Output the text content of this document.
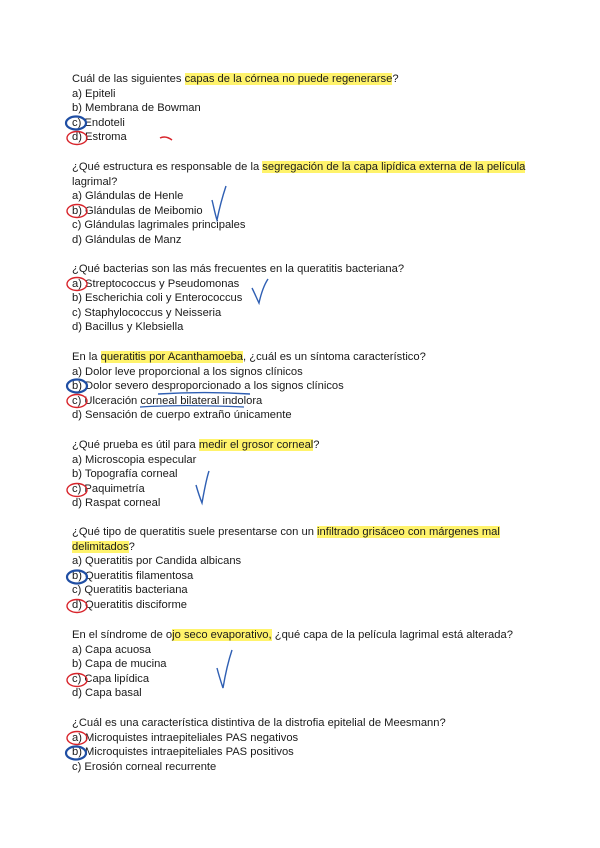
Cuál de las siguientes capas de la córnea no puede regenerarse?
a) Epiteli
b) Membrana de Bowman
c) Endoteli
d) Estroma
¿Qué estructura es responsable de la segregación de la capa lipídica externa de la película lagrimal?
a) Glándulas de Henle
b) Glándulas de Meibomio
c) Glándulas lagrimales principales
d) Glándulas de Manz
¿Qué bacterias son las más frecuentes en la queratitis bacteriana?
a) Streptococcus y Pseudomonas
b) Escherichia coli y Enterococcus
c) Staphylococcus y Neisseria
d) Bacillus y Klebsiella
En la queratitis por Acanthamoeba, ¿cuál es un síntoma característico?
a) Dolor leve proporcional a los signos clínicos
b) Dolor severo desproporcionado a los signos clínicos
c) Ulceración corneal bilateral indolora
d) Sensación de cuerpo extraño únicamente
¿Qué prueba es útil para medir el grosor corneal?
a) Microscopia especular
b) Topografía corneal
c) Paquimetría
d) Raspat corneal
¿Qué tipo de queratitis suele presentarse con un infiltrado grisáceo con márgenes mal delimitados?
a) Queratitis por Candida albicans
b) Queratitis filamentosa
c) Queratitis bacteriana
d) Queratitis disciforme
En el síndrome de ojo seco evaporativo, ¿qué capa de la película lagrimal está alterada?
a) Capa acuosa
b) Capa de mucina
c) Capa lipídica
d) Capa basal
¿Cuál es una característica distintiva de la distrofia epitelial de Meesmann?
a) Microquistes intraepiteliales PAS negativos
b) Microquistes intraepiteliales PAS positivos
c) Erosión corneal recurrente
